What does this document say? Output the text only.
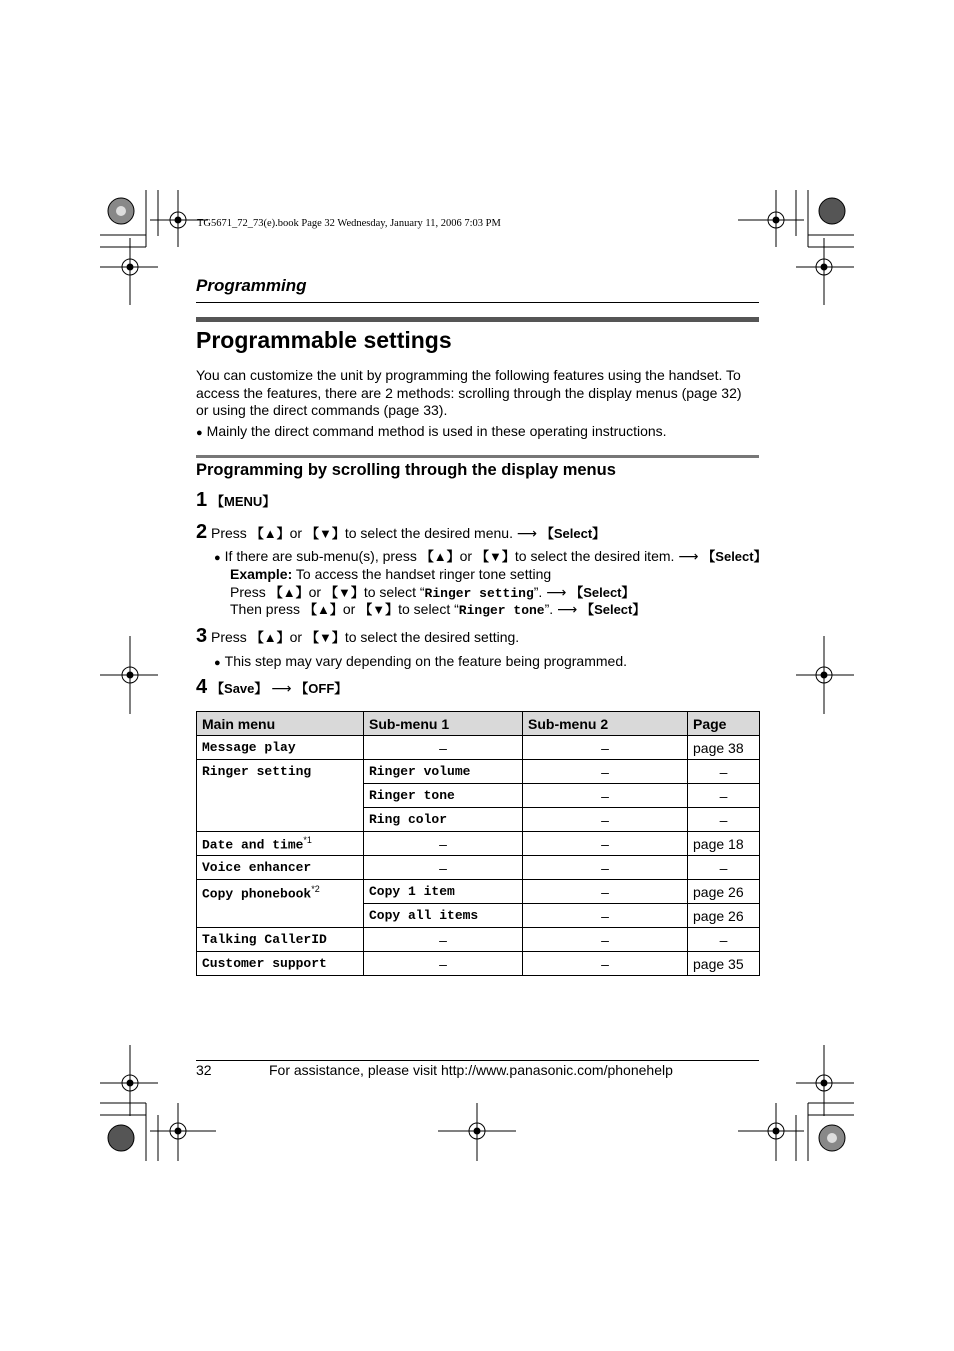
TG5671_72_73(e).book Page 32 Wednesday, January 11, 2006 7:03 PM
Programming
Programmable settings
You can customize the unit by programming the following features using the handset. To
access the features, there are 2 methods: scrolling through the display menus (page 32)
or using the direct commands (page 33).
● Mainly the direct command method is used in these operating instructions.
Programming by scrolling through the display menus
1 【MENU】
2 Press 【▲】or 【▼】to select the desired menu. ⟶ 【Select】
● If there are sub-menu(s), press 【▲】or 【▼】to select the desired item. ⟶ 【Select】
Example: To access the handset ringer tone setting
Press 【▲】or 【▼】to select “Ringer setting”. ⟶ 【Select】
Then press 【▲】or 【▼】to select “Ringer tone”. ⟶ 【Select】
3 Press 【▲】or 【▼】to select the desired setting.
● This step may vary depending on the feature being programmed.
4 【Save】 ⟶ 【OFF】
Main menu	Sub-menu 1	Sub-menu 2	Page
Message play	–	–	page 38
Ringer setting	Ringer volume	–	–
	Ringer tone	–	–
	Ring color	–	–
Date and time$^{*1}$	–	–	page 18
Voice enhancer	–	–	–
Copy phonebook$^{*2}$	Copy 1 item	–	page 26
	Copy all items	–	page 26
Talking CallerID	–	–	–
Customer support	–	–	page 35
32	For assistance, please visit http://www.panasonic.com/phonehelp
